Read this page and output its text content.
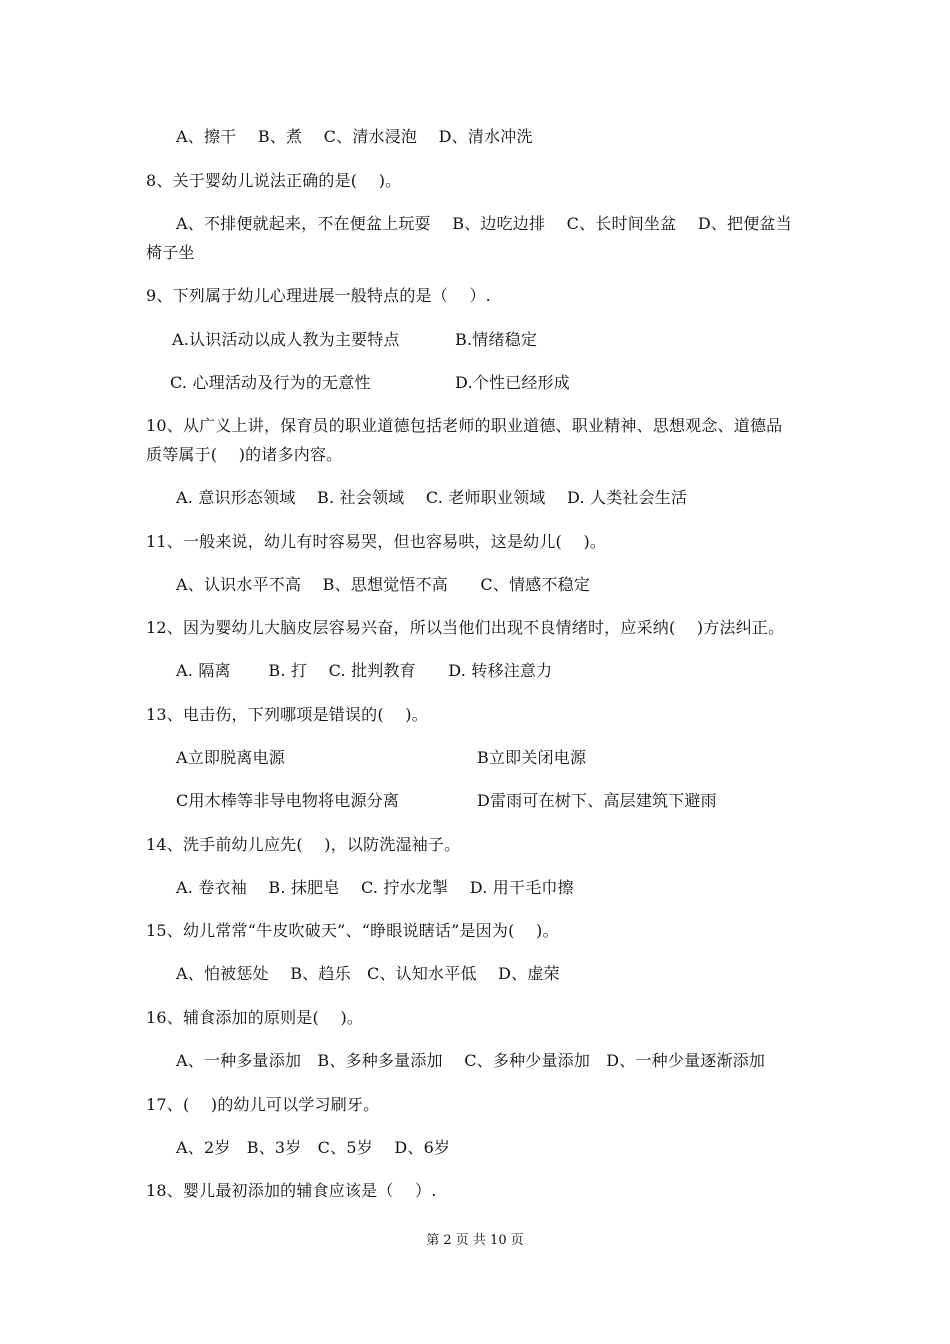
A、擦干　 B、煮　 C、清水浸泡　 D、清水冲洗
8、关于婴幼儿说法正确的是(　 )。
A、不排便就起来，不在便盆上玩耍　 B、边吃边排　 C、长时间坐盆　 D、把便盆当
椅子坐
9、下列属于幼儿心理进展一般特点的是（　 ）.
A.认识活动以成人教为主要特点	B.情绪稳定
C. 心理活动及行为的无意性	D.个性已经形成
10、从广义上讲，保育员的职业道德包括老师的职业道德、职业精神、思想观念、道德品
质等属于(　 )的诸多内容。
A. 意识形态领域　 B. 社会领域　 C. 老师职业领域　 D. 人类社会生活
11、一般来说，幼儿有时容易哭，但也容易哄，这是幼儿(　 )。
A、认识水平不高　 B、思想觉悟不高　　C、情感不稳定
12、因为婴幼儿大脑皮层容易兴奋，所以当他们出现不良情绪时，应采纳(　 )方法纠正。
A. 隔离　　 B. 打　 C. 批判教育　　D. 转移注意力
13、电击伤，下列哪项是错误的(　 )。
A立即脱离电源	B立即关闭电源
C用木棒等非导电物将电源分离	D雷雨可在树下、高层建筑下避雨
14、洗手前幼儿应先(　 )，以防洗湿袖子。
A. 卷衣袖　 B. 抹肥皂　 C. 拧水龙掣　 D. 用干毛巾擦
15、幼儿常常“牛皮吹破天”、“睁眼说瞎话”是因为(　 )。
A、怕被惩处　 B、趋乐　C、认知水平低　 D、虚荣
16、辅食添加的原则是(　 )。
A、一种多量添加　B、多种多量添加　 C、多种少量添加　D、一种少量逐渐添加
17、(　 )的幼儿可以学习刷牙。
A、2岁　B、3岁　C、5岁　 D、6岁
18、婴儿最初添加的辅食应该是（　 ）.
第 2 页 共 10 页
